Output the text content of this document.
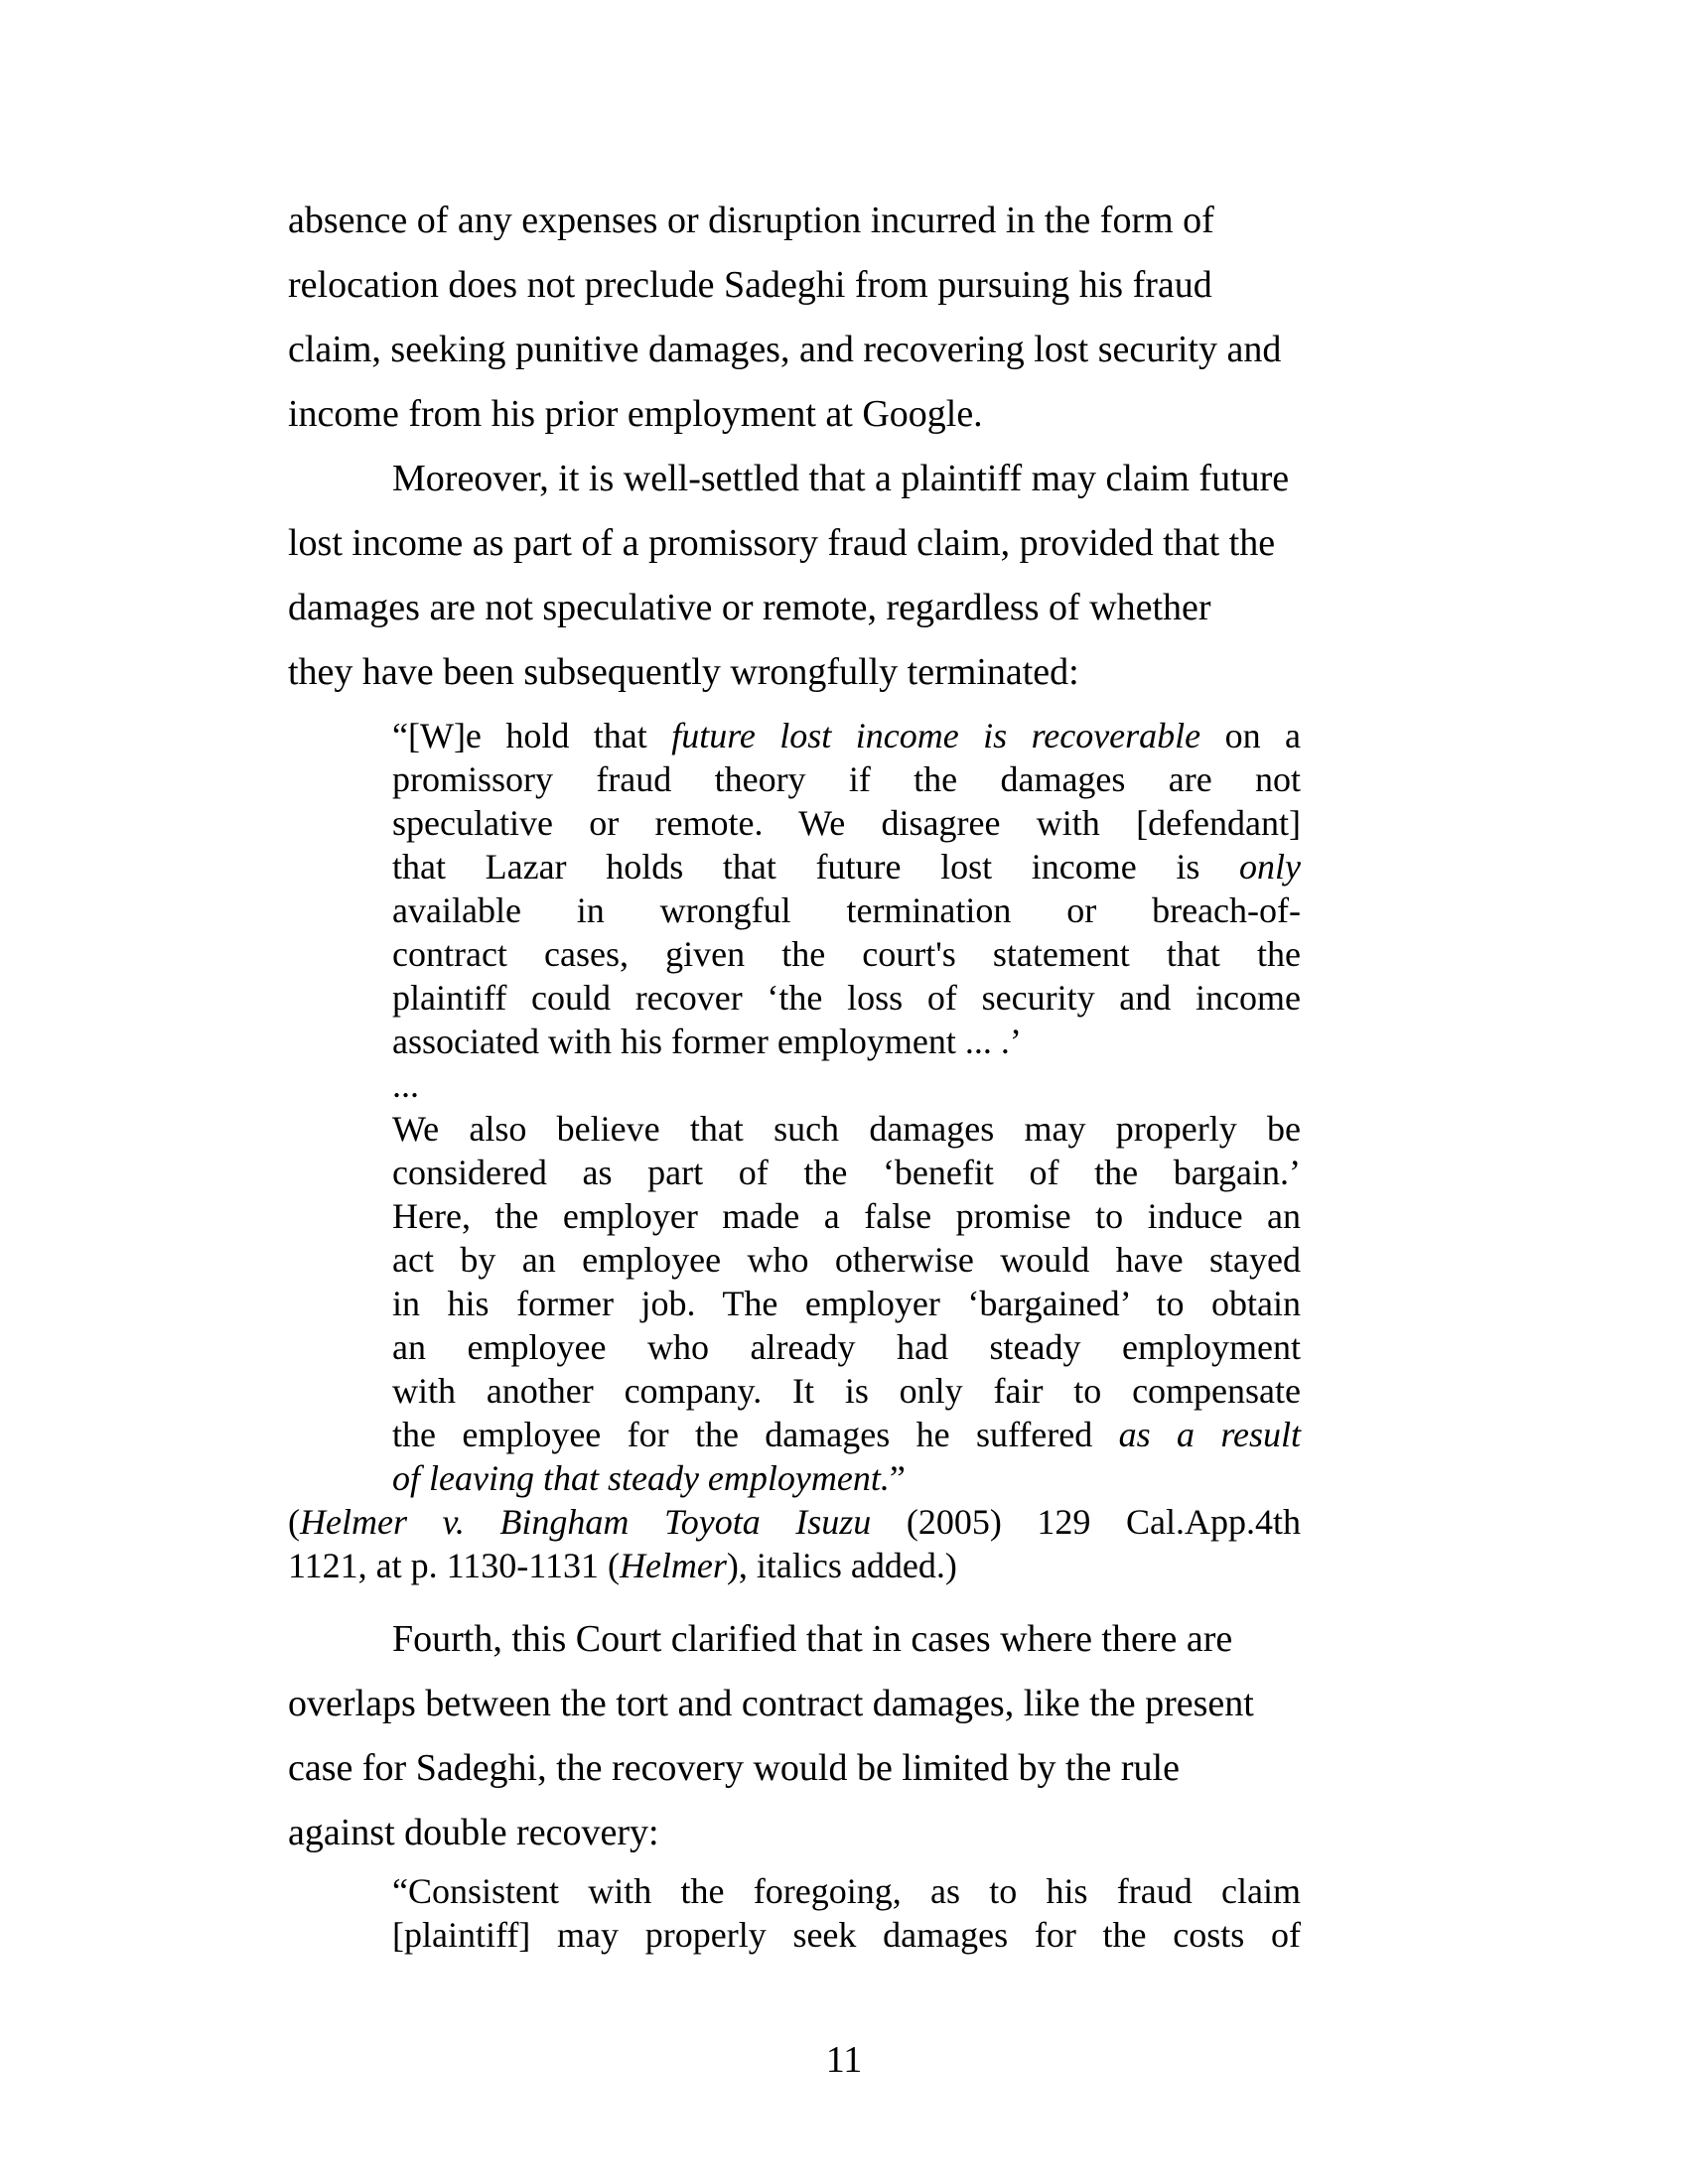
absence of any expenses or disruption incurred in the form of
relocation does not preclude Sadeghi from pursuing his fraud
claim, seeking punitive damages, and recovering lost security and
income from his prior employment at Google.
Moreover, it is well-settled that a plaintiff may claim future
lost income as part of a promissory fraud claim, provided that the
damages are not speculative or remote, regardless of whether
they have been subsequently wrongfully terminated:
“[W]e hold that future lost income is recoverable on a
promissory fraud theory if the damages are not
speculative or remote. We disagree with [defendant]
that Lazar holds that future lost income is only
available in wrongful termination or breach-of-
contract cases, given the court's statement that the
plaintiff could recover ‘the loss of security and income
associated with his former employment ... .’
...
We also believe that such damages may properly be
considered as part of the ‘benefit of the bargain.’
Here, the employer made a false promise to induce an
act by an employee who otherwise would have stayed
in his former job. The employer ‘bargained’ to obtain
an employee who already had steady employment
with another company. It is only fair to compensate
the employee for the damages he suffered as a result
of leaving that steady employment.”
(Helmer v. Bingham Toyota Isuzu (2005) 129 Cal.App.4th
1121, at p. 1130-1131 (Helmer), italics added.)
Fourth, this Court clarified that in cases where there are
overlaps between the tort and contract damages, like the present
case for Sadeghi, the recovery would be limited by the rule
against double recovery:
“Consistent with the foregoing, as to his fraud claim
[plaintiff] may properly seek damages for the costs of
11
